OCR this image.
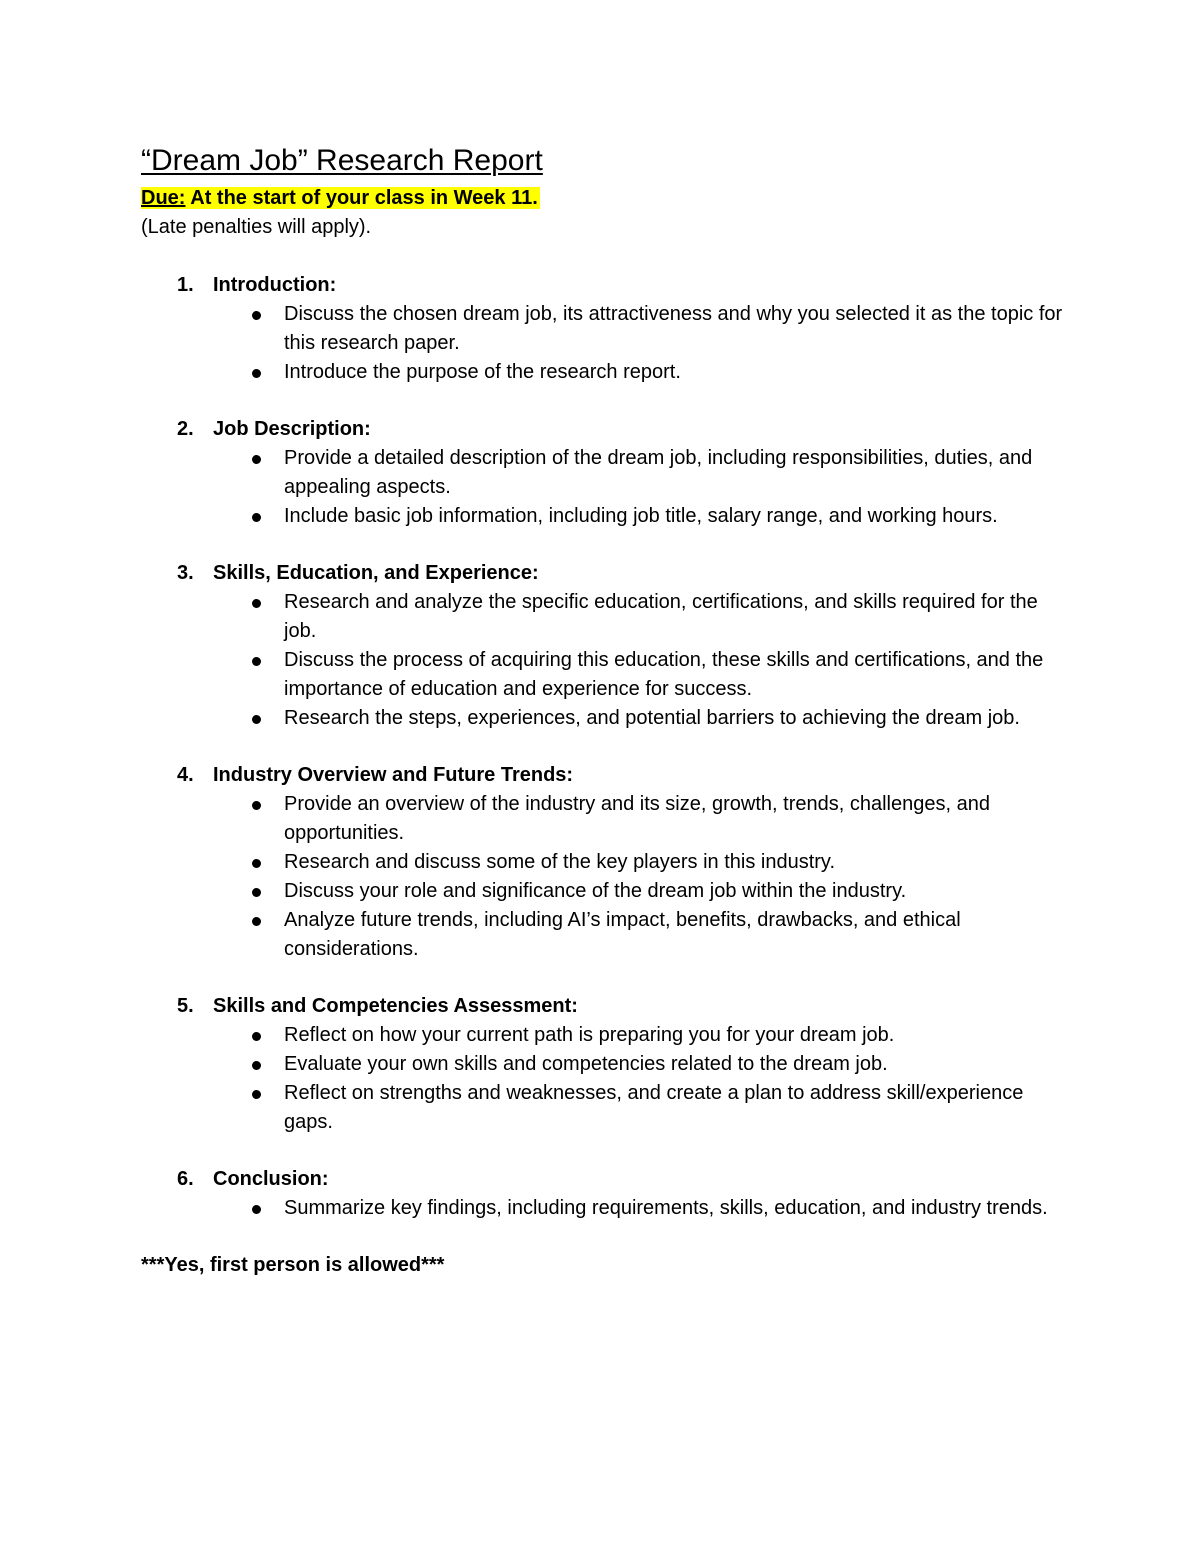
“Dream Job” Research Report
Due: At the start of your class in Week 11.
(Late penalties will apply).
1. Introduction:
Discuss the chosen dream job, its attractiveness and why you selected it as the topic for this research paper.
Introduce the purpose of the research report.
2. Job Description:
Provide a detailed description of the dream job, including responsibilities, duties, and appealing aspects.
Include basic job information, including job title, salary range, and working hours.
3. Skills, Education, and Experience:
Research and analyze the specific education, certifications, and skills required for the job.
Discuss the process of acquiring this education, these skills and certifications, and the importance of education and experience for success.
Research the steps, experiences, and potential barriers to achieving the dream job.
4. Industry Overview and Future Trends:
Provide an overview of the industry and its size, growth, trends, challenges, and opportunities.
Research and discuss some of the key players in this industry.
Discuss your role and significance of the dream job within the industry.
Analyze future trends, including AI’s impact, benefits, drawbacks, and ethical considerations.
5. Skills and Competencies Assessment:
Reflect on how your current path is preparing you for your dream job.
Evaluate your own skills and competencies related to the dream job.
Reflect on strengths and weaknesses, and create a plan to address skill/experience gaps.
6. Conclusion:
Summarize key findings, including requirements, skills, education, and industry trends.
***Yes, first person is allowed***
